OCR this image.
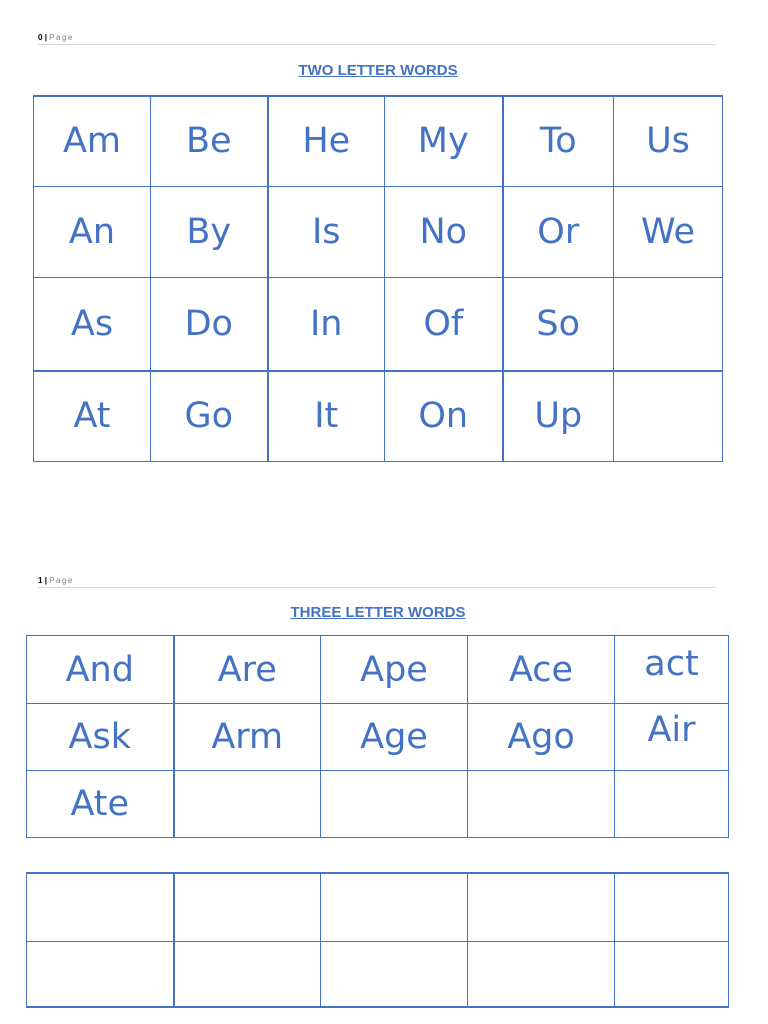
0 | Page
TWO LETTER WORDS
Am	Be	He	My	To	Us
An	By	Is	No	Or	We
As	Do	In	Of	So	
At	Go	It	On	Up	
1 | Page
THREE LETTER WORDS
And	Are	Ape	Ace	act
Ask	Arm	Age	Ago	Air
Ate				
